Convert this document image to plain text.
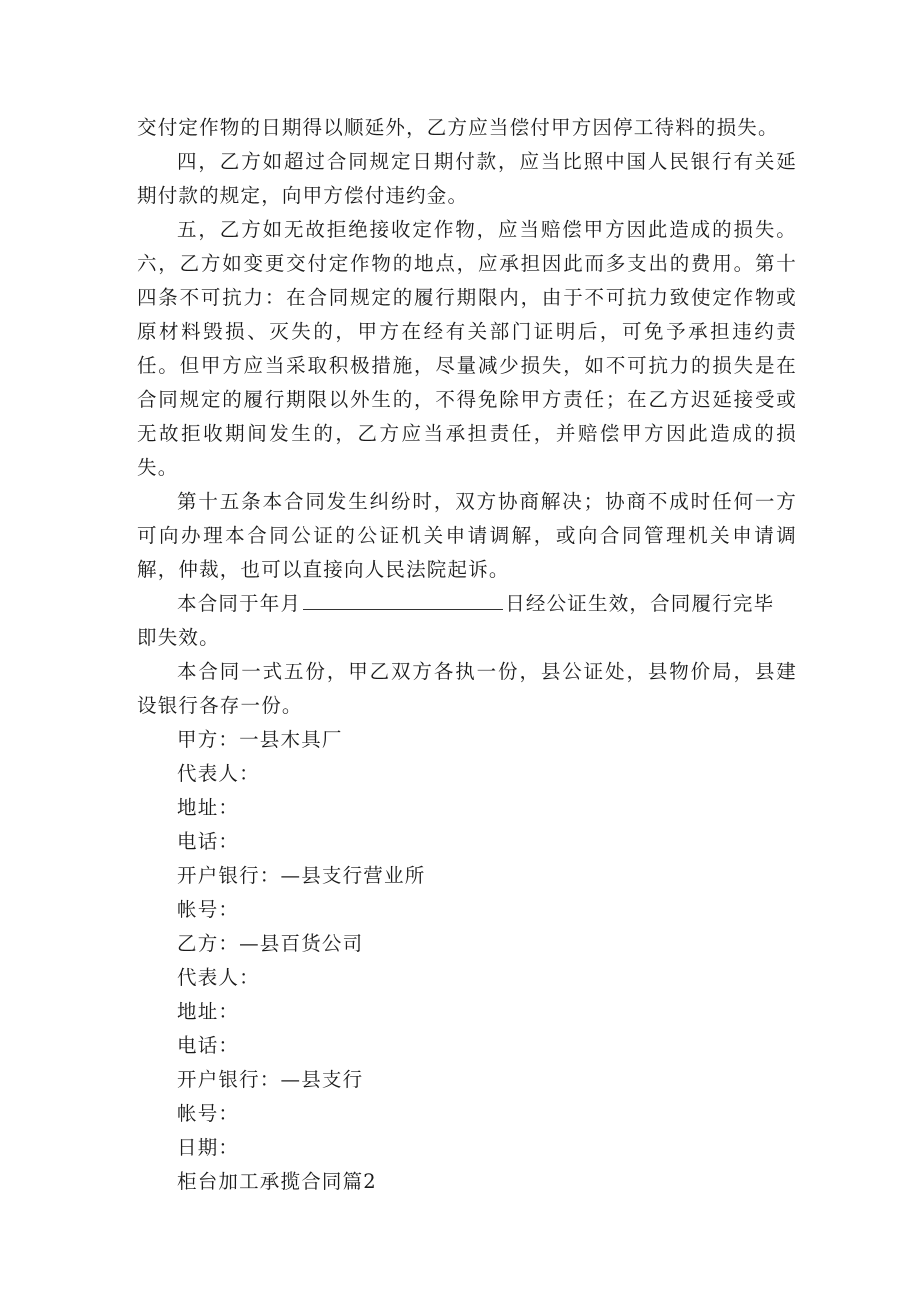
交付定作物的日期得以顺延外，乙方应当偿付甲方因停工待料的损失。

四，乙方如超过合同规定日期付款，应当比照中国人民银行有关延期付款的规定，向甲方偿付违约金。

五，乙方如无故拒绝接收定作物，应当赔偿甲方因此造成的损失。六，乙方如变更交付定作物的地点，应承担因此而多支出的费用。第十四条不可抗力：在合同规定的履行期限内，由于不可抗力致使定作物或原材料毁损、灭失的，甲方在经有关部门证明后，可免予承担违约责任。但甲方应当采取积极措施，尽量减少损失，如不可抗力的损失是在合同规定的履行期限以外生的，不得免除甲方责任；在乙方迟延接受或无故拒收期间发生的，乙方应当承担责任，并赔偿甲方因此造成的损失。

第十五条本合同发生纠纷时，双方协商解决；协商不成时任何一方可向办理本合同公证的公证机关申请调解，或向合同管理机关申请调解，仲裁，也可以直接向人民法院起诉。

本合同于年月	日经公证生效，合同履行完毕
即失效。

本合同一式五份，甲乙双方各执一份，县公证处，县物价局，县建设银行各存一份。

甲方：一县木具厂

代表人：

地址：

电话：

开户银行：—县支行营业所

帐号：

乙方：—县百货公司

代表人：

地址：

电话：

开户银行：—县支行

帐号：

日期：

柜台加工承揽合同篇2
